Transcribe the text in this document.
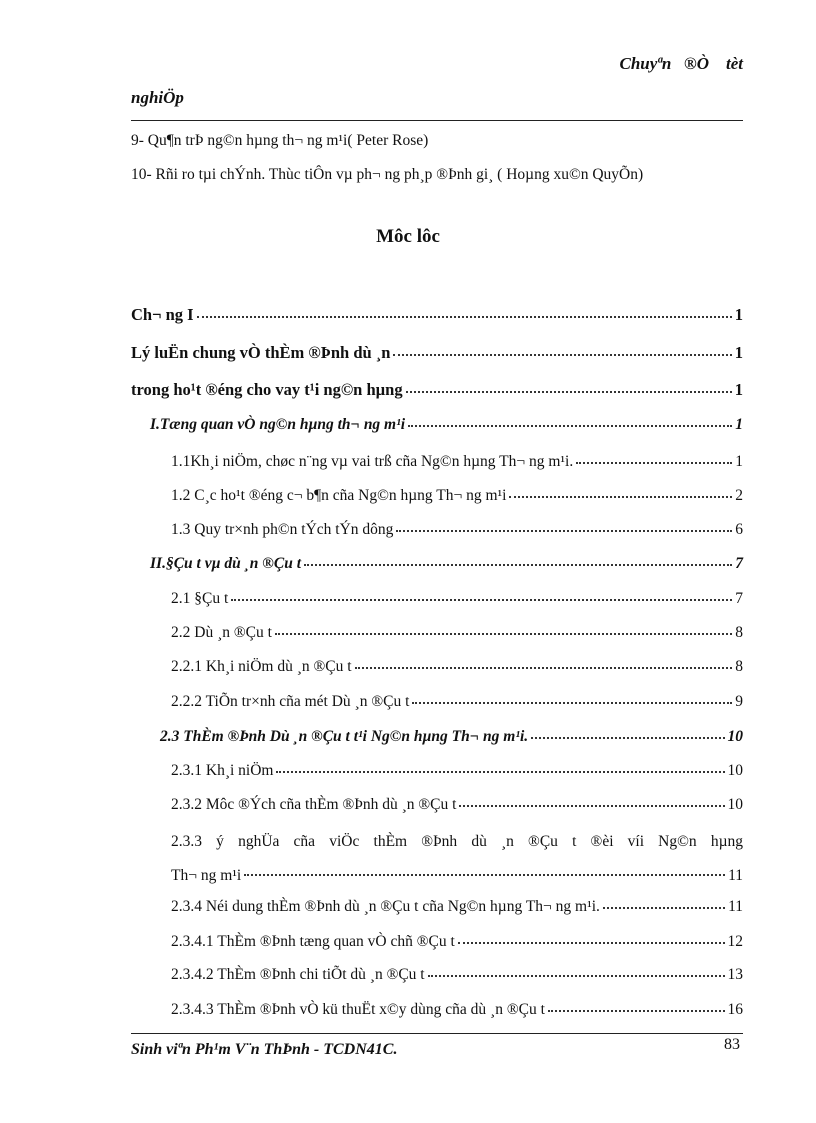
Chuyªn   ®Ò    tèt
nghiÖp
9- Qu¶n trÞ ng©n hµng th¬ ng m¹i( Peter Rose)
10- Rñi ro tµi chÝnh. Thùc tiÔn vµ ph¬ ng ph¸p ®Þnh gi¸ ( Hoµng xu©n QuyÕn)
Môc lôc
Ch¬ ng I	1
Lý luËn chung vÒ thÈm ®Þnh dù ¸n	1
trong ho¹t ®éng cho vay t¹i ng©n hµng	1
I.Tæng quan vÒ ng©n hµng th¬ ng m¹i	1
1.1Kh¸i niÖm, chøc n¨ng vµ vai trß cña Ng©n hµng Th¬ ng m¹i.	1
1.2 C¸c ho¹t ®éng c¬ b¶n cña Ng©n hµng Th¬ ng m¹i	2
1.3 Quy tr×nh ph©n tÝch tÝn dông	6
II.§Çu t vµ dù ¸n ®Çu t	7
2.1 §Çu t	7
2.2 Dù ¸n ®Çu t	8
2.2.1 Kh¸i niÖm dù ¸n ®Çu t	8
2.2.2 TiÕn tr×nh cña mét Dù ¸n ®Çu t	9
2.3 ThÈm ®Þnh Dù ¸n ®Çu t t¹i Ng©n hµng Th¬ ng m¹i.	10
2.3.1 Kh¸i niÖm	10
2.3.2 Môc ®Ých cña thÈm ®Þnh dù ¸n ®Çu t	10
2.3.3 ý nghÜa cña viÖc thÈm ®Þnh dù ¸n ®Çu t ®èi víi Ng©n hµng
Th¬ ng m¹i	11
2.3.4 Néi dung thÈm ®Þnh dù ¸n ®Çu t cña Ng©n hµng Th¬ ng m¹i.	11
2.3.4.1 ThÈm ®Þnh tæng quan vÒ chñ ®Çu t	12
2.3.4.2 ThÈm ®Þnh chi tiÕt dù ¸n ®Çu t	13
2.3.4.3 ThÈm ®Þnh vÒ kü thuËt x©y dùng cña dù ¸n ®Çu t	16
Sinh viªn Ph¹m V¨n ThÞnh - TCDN41C.	83
